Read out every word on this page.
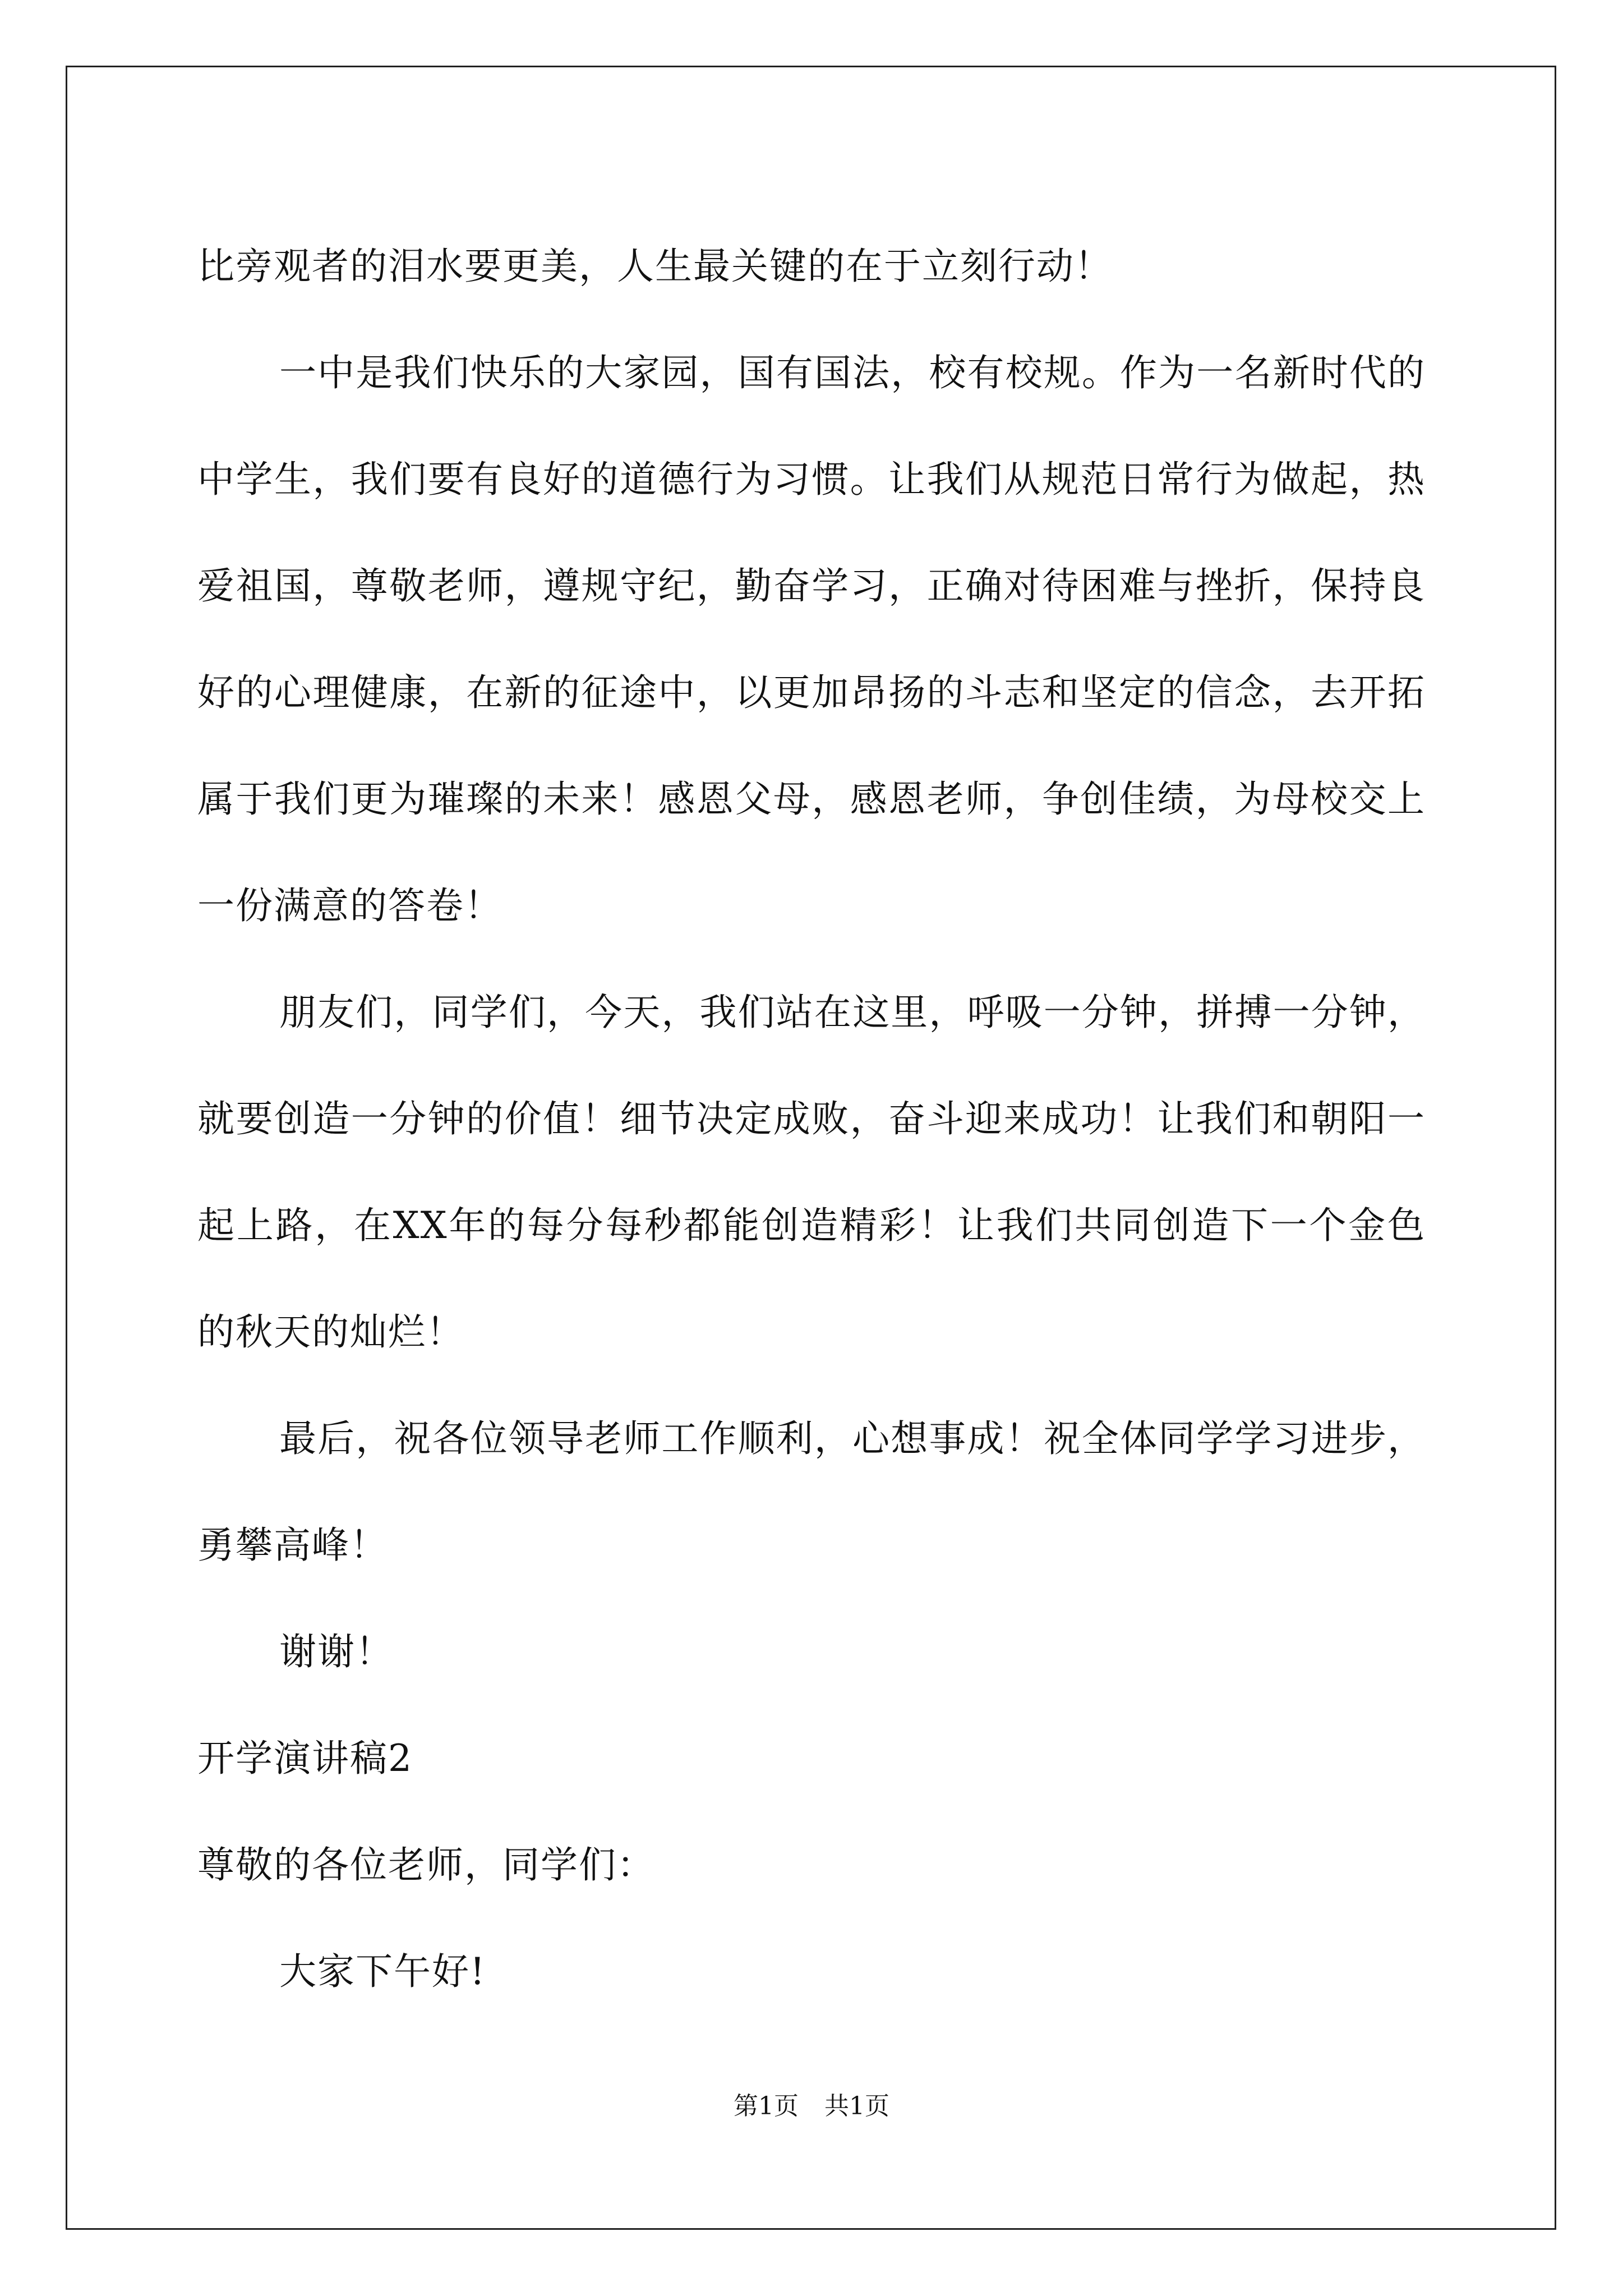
比旁观者的泪水要更美，人生最关键的在于立刻行动！

一中是我们快乐的大家园，国有国法，校有校规。作为一名新时代的中学生，我们要有良好的道德行为习惯。让我们从规范日常行为做起，热爱祖国，尊敬老师，遵规守纪，勤奋学习，正确对待困难与挫折，保持良好的心理健康，在新的征途中，以更加昂扬的斗志和坚定的信念，去开拓属于我们更为璀璨的未来！感恩父母，感恩老师，争创佳绩，为母校交上一份满意的答卷！

朋友们，同学们，今天，我们站在这里，呼吸一分钟，拼搏一分钟，就要创造一分钟的价值！细节决定成败，奋斗迎来成功！让我们和朝阳一起上路，在XX年的每分每秒都能创造精彩！让我们共同创造下一个金色的秋天的灿烂！

最后，祝各位领导老师工作顺利，心想事成！祝全体同学学习进步，勇攀高峰！

谢谢！

开学演讲稿2

尊敬的各位老师，同学们：

大家下午好!

第1页 共1页
